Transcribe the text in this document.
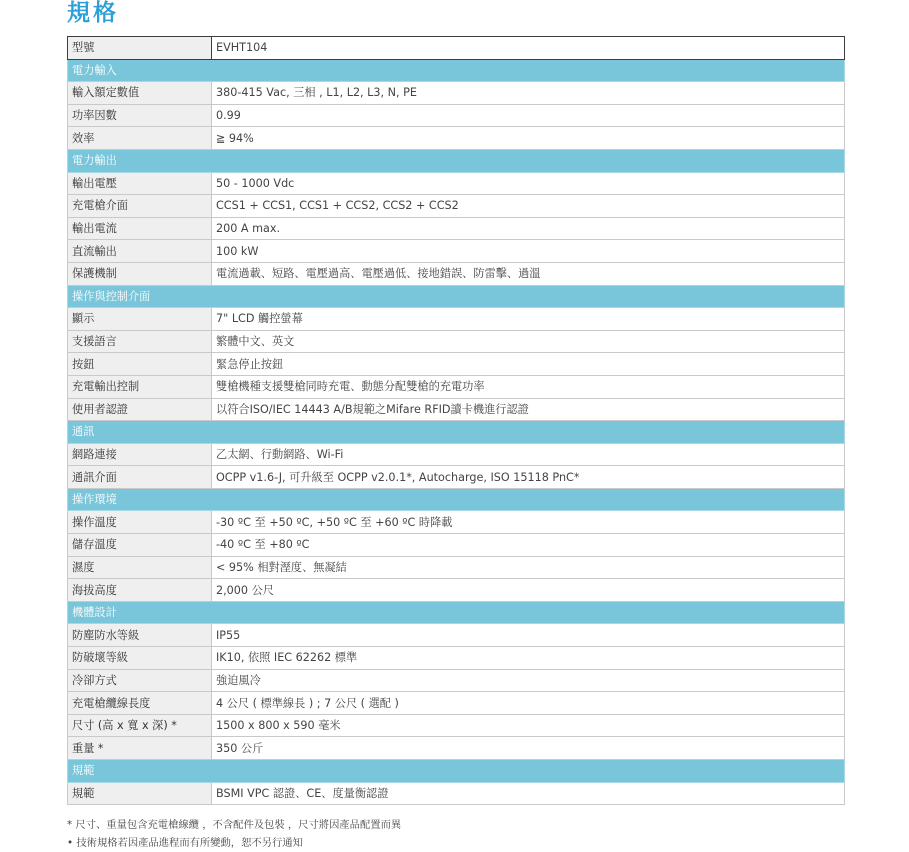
規格
型號	EVHT104
電力輸入	
輸入額定數值	380-415 Vac, 三相 , L1, L2, L3, N, PE
功率因數	0.99
效率	≧ 94%
電力輸出	
輸出電壓	50 - 1000 Vdc
充電槍介面	CCS1 + CCS1, CCS1 + CCS2, CCS2 + CCS2
輸出電流	200 A max.
直流輸出	100 kW
保護機制	電流過載、短路、電壓過高、電壓過低、接地錯誤、防雷擊、過溫
操作與控制介面	
顯示	7" LCD 觸控螢幕
支援語言	繁體中文、英文
按鈕	緊急停止按鈕
充電輸出控制	雙槍機種支援雙槍同時充電、動態分配雙槍的充電功率
使用者認證	以符合ISO/IEC 14443 A/B規範之Mifare RFID讀卡機進行認證
通訊	
網路連接	乙太網、行動網路、Wi-Fi
通訊介面	OCPP v1.6-J, 可升級至 OCPP v2.0.1*, Autocharge, ISO 15118 PnC*
操作環境	
操作溫度	-30 ºC 至 +50 ºC, +50 ºC 至 +60 ºC 時降載
儲存溫度	-40 ºC 至 +80 ºC
濕度	< 95% 相對溼度、無凝結
海拔高度	2,000 公尺
機體設計	
防塵防水等級	IP55
防破壞等級	IK10, 依照 IEC 62262 標準
冷卻方式	強迫風冷
充電槍纜線長度	4 公尺 ( 標準線長 ) ; 7 公尺 ( 選配 )
尺寸 (高 x 寬 x 深) *	1500 x 800 x 590 毫米
重量 *	350 公斤
規範	
規範	BSMI VPC 認證、CE、度量衡認證
* 尺寸、重量包含充電槍線纜 ，不含配件及包裝 ，尺寸將因產品配置而異
• 技術規格若因產品進程而有所變動，恕不另行通知
